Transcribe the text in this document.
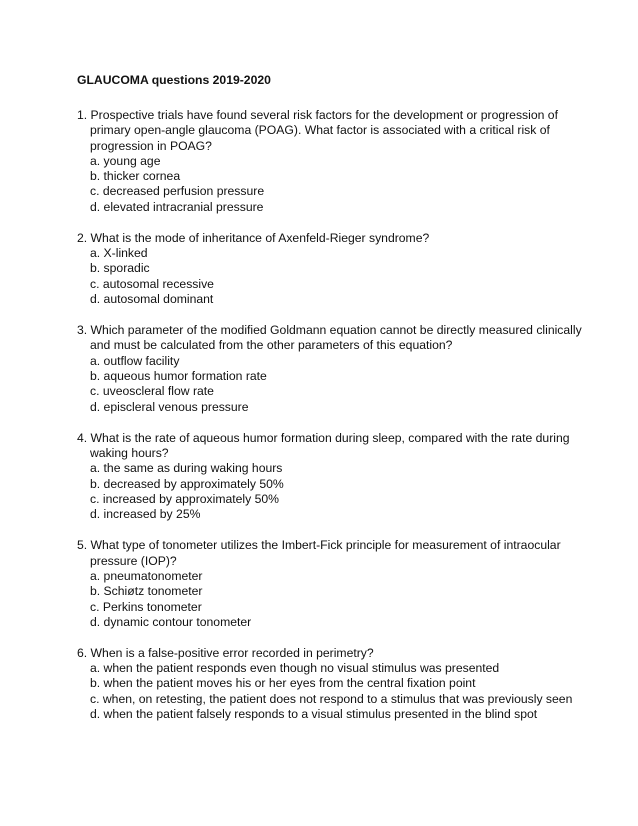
GLAUCOMA questions 2019-2020
1. Prospective trials have found several risk factors for the development or progression of
primary open-angle glaucoma (POAG). What factor is associated with a critical risk of
progression in POAG?
a. young age
b. thicker cornea
c. decreased perfusion pressure
d. elevated intracranial pressure
2. What is the mode of inheritance of Axenfeld-Rieger syndrome?
a. X-linked
b. sporadic
c. autosomal recessive
d. autosomal dominant
3. Which parameter of the modified Goldmann equation cannot be directly measured clinically
and must be calculated from the other parameters of this equation?
a. outflow facility
b. aqueous humor formation rate
c. uveoscleral flow rate
d. episcleral venous pressure
4. What is the rate of aqueous humor formation during sleep, compared with the rate during
waking hours?
a. the same as during waking hours
b. decreased by approximately 50%
c. increased by approximately 50%
d. increased by 25%
5. What type of tonometer utilizes the Imbert-Fick principle for measurement of intraocular
pressure (IOP)?
a. pneumatonometer
b. Schiøtz tonometer
c. Perkins tonometer
d. dynamic contour tonometer
6. When is a false-positive error recorded in perimetry?
a. when the patient responds even though no visual stimulus was presented
b. when the patient moves his or her eyes from the central fixation point
c. when, on retesting, the patient does not respond to a stimulus that was previously seen
d. when the patient falsely responds to a visual stimulus presented in the blind spot
